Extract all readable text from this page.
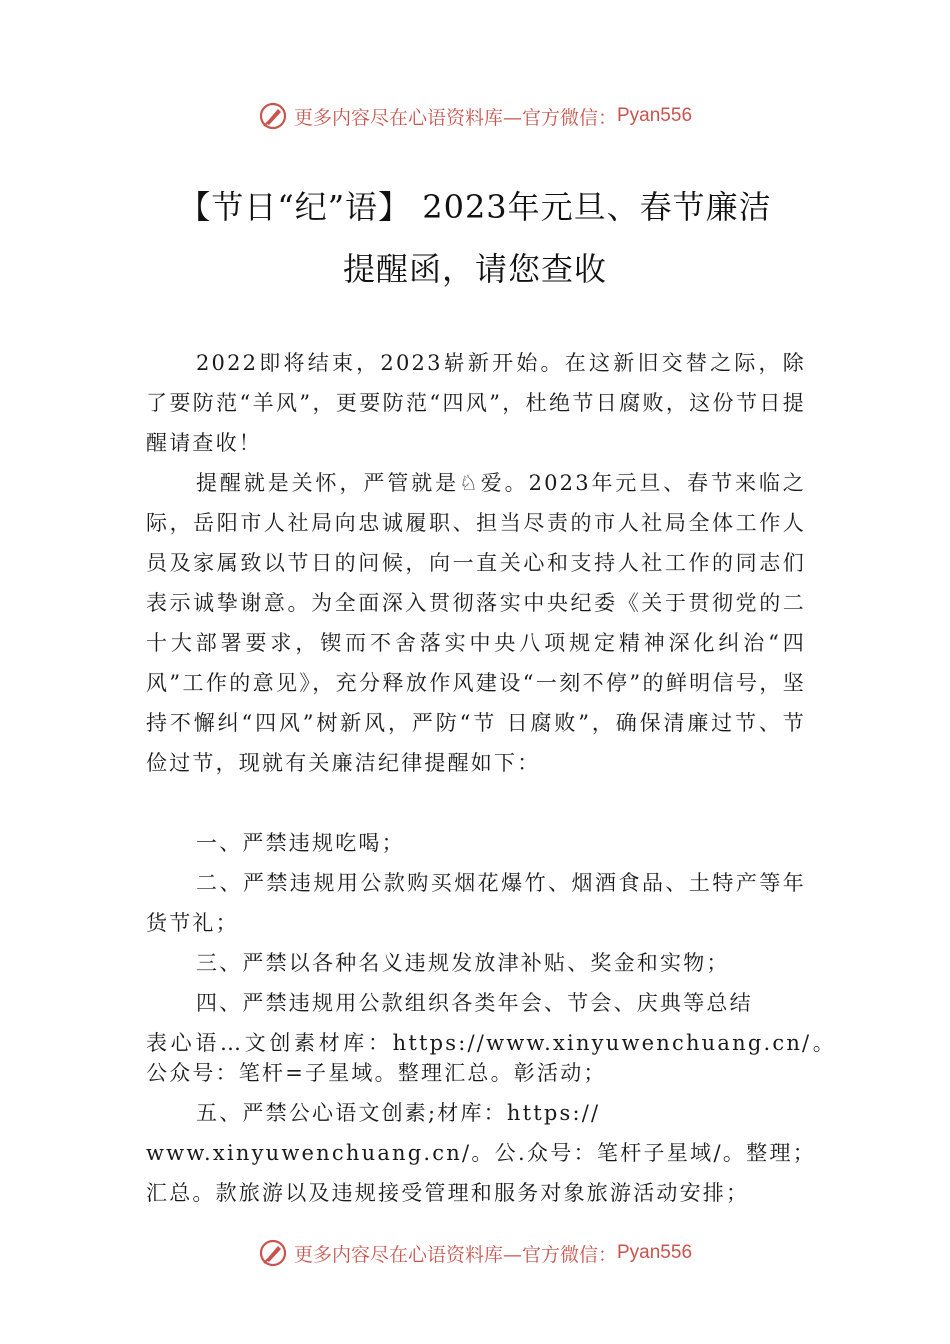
更多内容尽在心语资料库—官方微信： Pyan556
【节日“纪”语】 2023年元旦、春节廉洁
提醒函，请您查收

2022即将结束，2023崭新开始。在这新旧交替之际，除了要防范“羊风”，更要防范“四风”，杜绝节日腐败，这份节日提醒请查收！

提醒就是关怀，严管就是♘爱。2023年元旦、春节来临之际，岳阳市人社局向忠诚履职、担当尽责的市人社局全体工作人员及家属致以节日的问候，向一直关心和支持人社工作的同志们表示诚挚谢意。为全面深入贯彻落实中央纪委《关于贯彻党的二十大部署要求，锲而不舍落实中央八项规定精神深化纠治“四风”工作的意见》，充分释放作风建设“一刻不停”的鲜明信号，坚持不懈纠“四风”树新风，严防“节 日腐败”，确保清廉过节、节俭过节，现就有关廉洁纪律提醒如下：

一、严禁违规吃喝；

二、严禁违规用公款购买烟花爆竹、烟酒食品、土特产等年货节礼；

三、严禁以各种名义违规发放津补贴、奖金和实物；

四、严禁违规用公款组织各类年会、节会、庆典等总结

表心语…文创素材库：https://www.xinyuwenchuang.cn/。公众号：笔杆=子星域。整理汇总。彰活动；

五、严禁公心语文创素;材库：https://

www.xinyuwenchuang.cn/。公.众号：笔杆子星域/。整理；汇总。款旅游以及违规接受管理和服务对象旅游活动安排；

更多内容尽在心语资料库—官方微信： Pyan556
